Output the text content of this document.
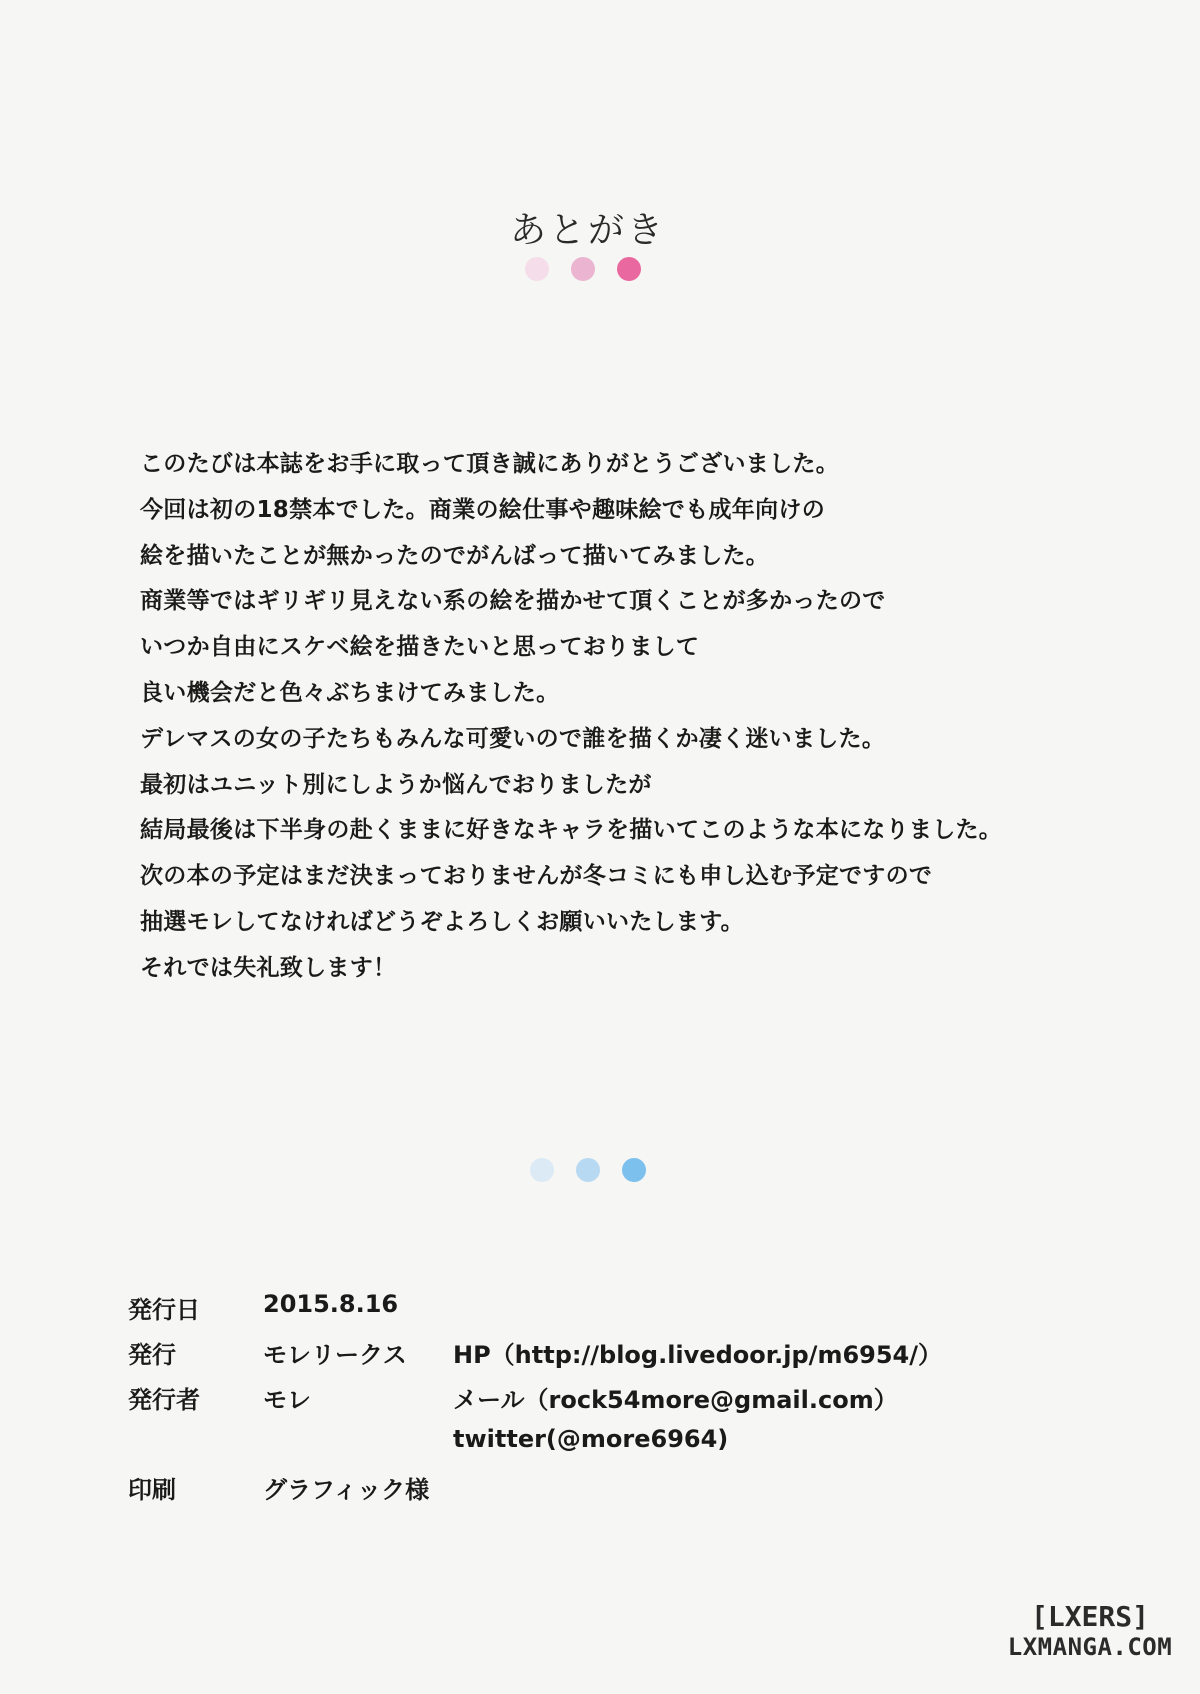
あとがき

このたびは本誌をお手に取って頂き誠にありがとうございました。

今回は初の18禁本でした。商業の絵仕事や趣味絵でも成年向けの

絵を描いたことが無かったのでがんばって描いてみました。

商業等ではギリギリ見えない系の絵を描かせて頂くことが多かったので

いつか自由にスケベ絵を描きたいと思っておりまして

良い機会だと色々ぶちまけてみました。

デレマスの女の子たちもみんな可愛いので誰を描くか凄く迷いました。

最初はユニット別にしようか悩んでおりましたが

結局最後は下半身の赴くままに好きなキャラを描いてこのような本になりました。

次の本の予定はまだ決まっておりませんが冬コミにも申し込む予定ですので

抽選モレしてなければどうぞよろしくお願いいたします。

それでは失礼致します！

発行日	2015.8.16
発行	モレリークス HP（http://blog.livedoor.jp/m6954/）
発行者	モレ	メール（rock54more@gmail.com）
twitter(@more6964)
印刷	グラフィック様
[LXERS]
LXMANGA.COM
